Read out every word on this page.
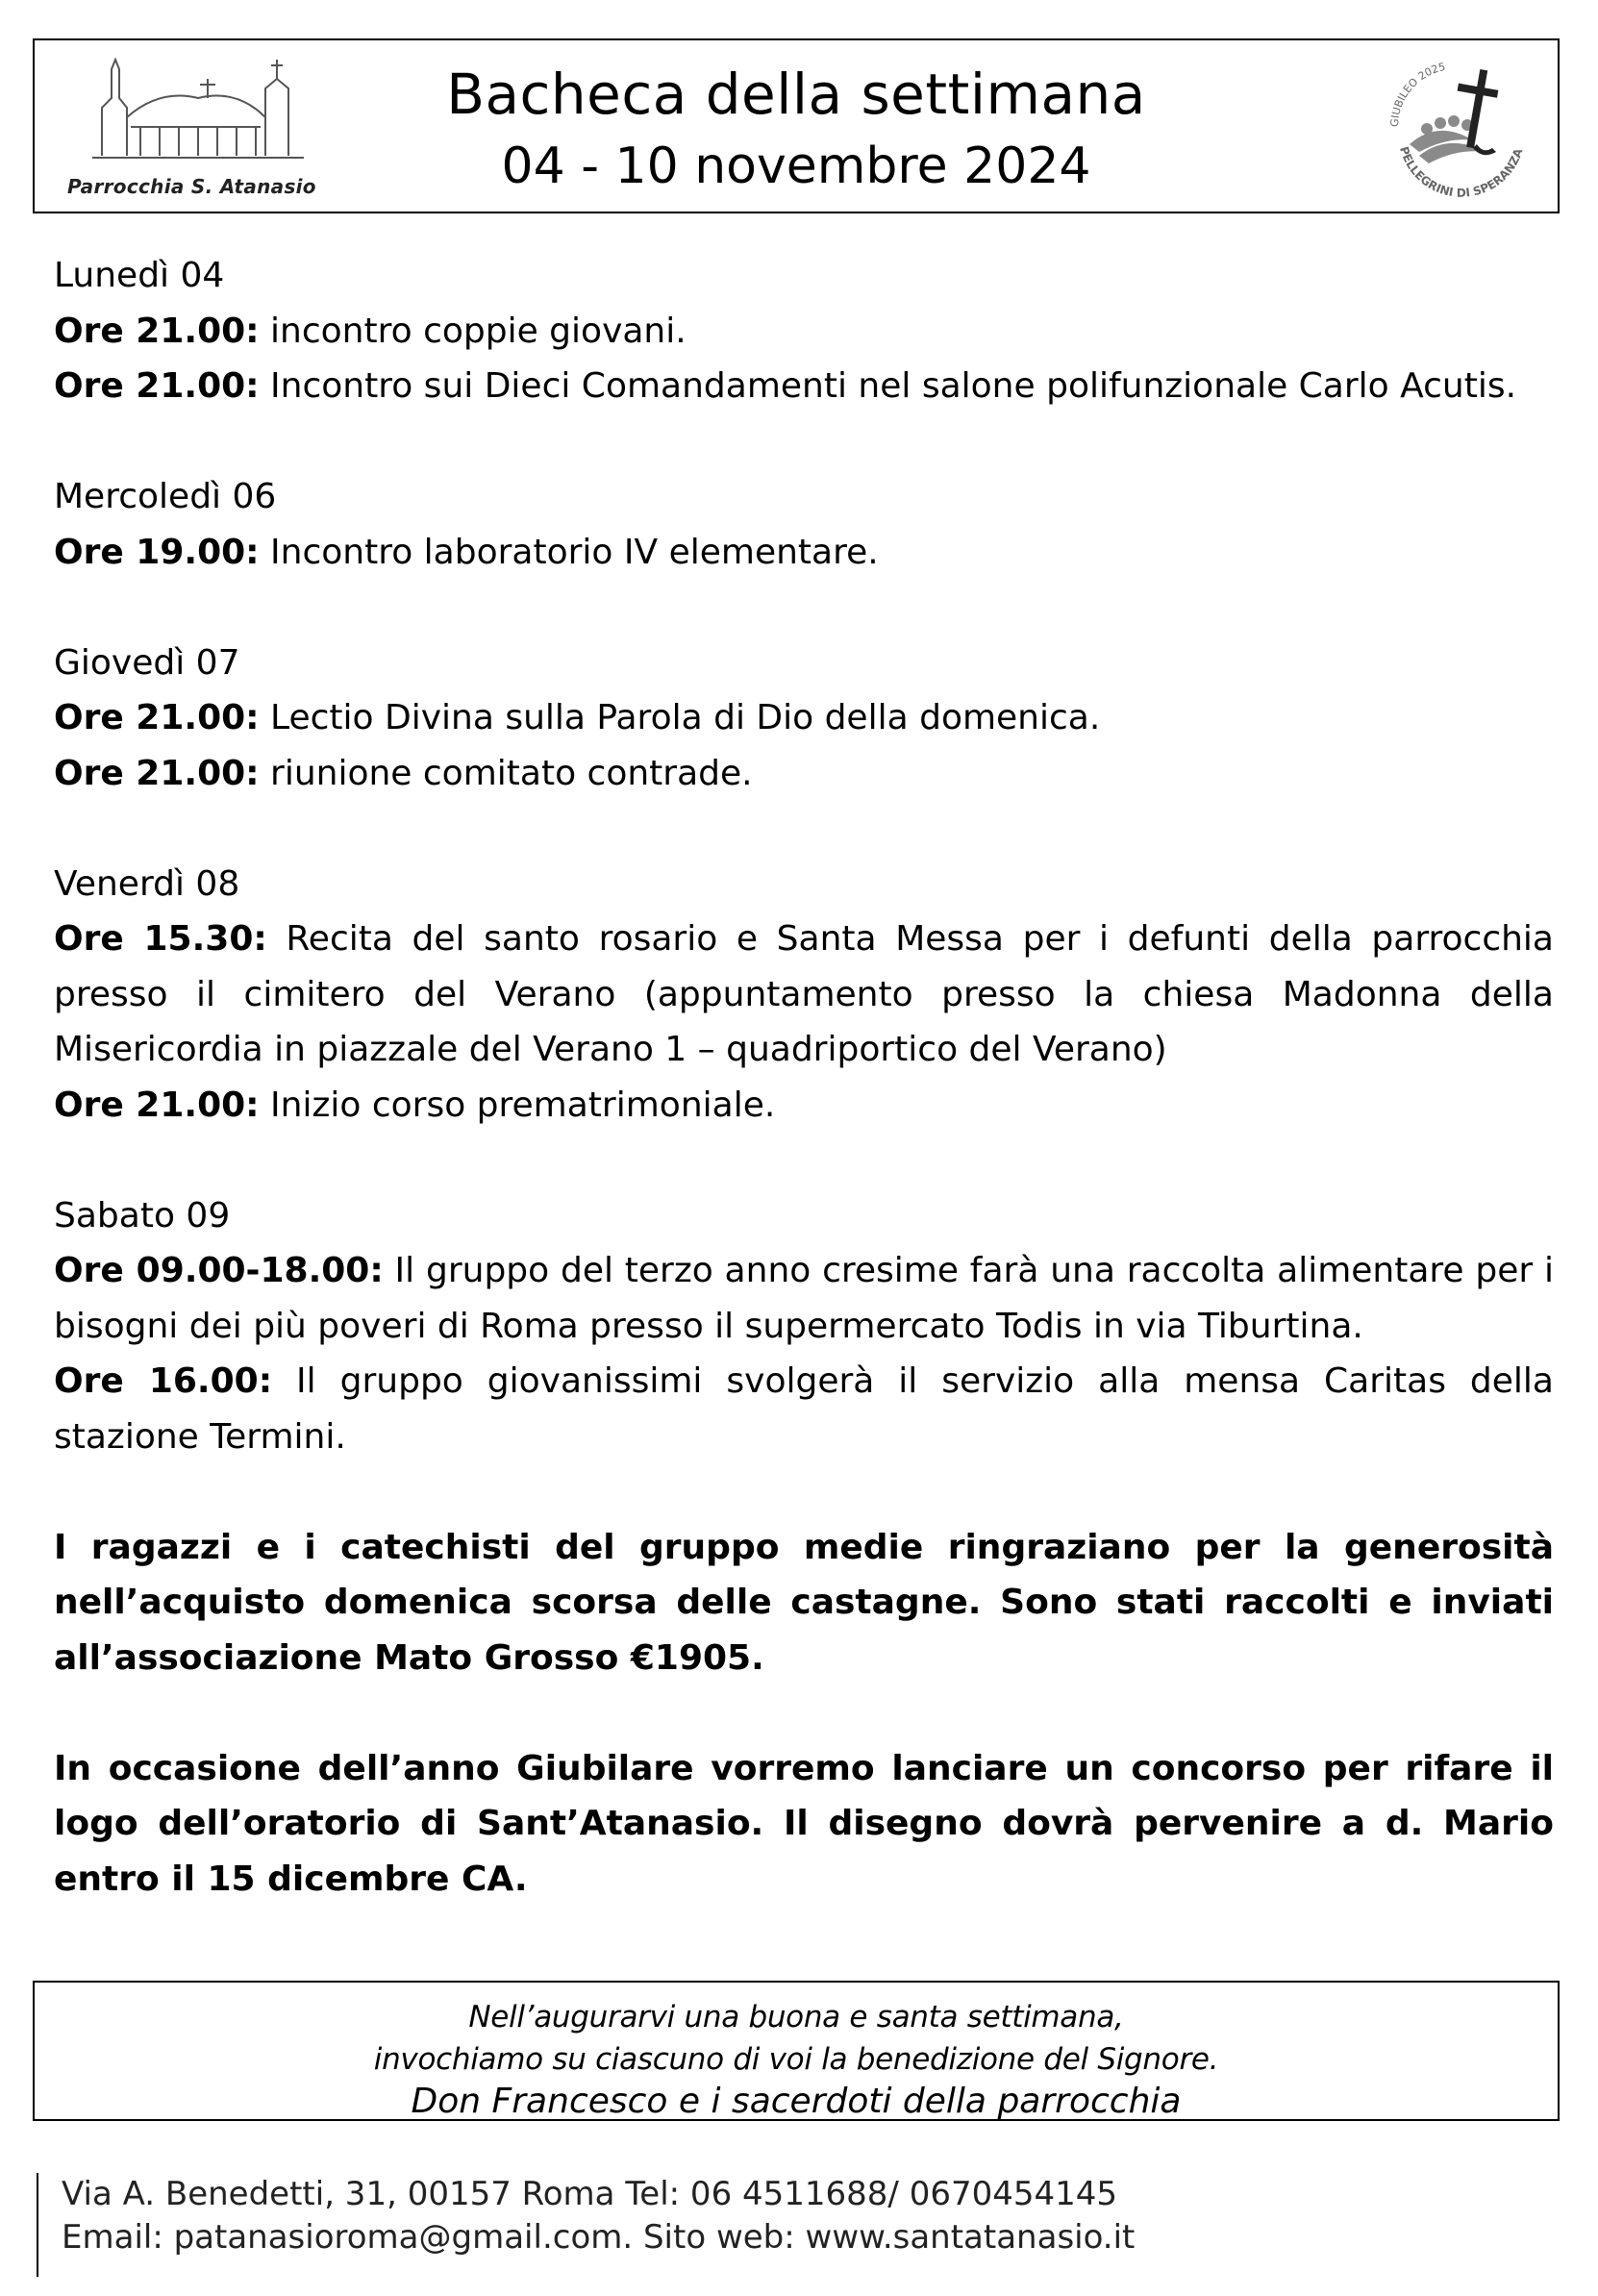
Parrocchia S. Atanasio
Bacheca della settimana
04 - 10 novembre 2024
GIUBILEO 2025
PELLEGRINI DI SPERANZA
Lunedì 04
Ore 21.00: incontro coppie giovani.
Ore 21.00: Incontro sui Dieci Comandamenti nel salone polifunzionale Carlo Acutis.
Mercoledì 06
Ore 19.00: Incontro laboratorio IV elementare.
Giovedì 07
Ore 21.00: Lectio Divina sulla Parola di Dio della domenica.
Ore 21.00: riunione comitato contrade.
Venerdì 08
Ore 15.30: Recita del santo rosario e Santa Messa per i defunti della parrocchia presso il cimitero del Verano (appuntamento presso la chiesa Madonna della Misericordia in piazzale del Verano 1 – quadriportico del Verano)
Ore 21.00: Inizio corso prematrimoniale.
Sabato 09
Ore 09.00-18.00: Il gruppo del terzo anno cresime farà una raccolta alimentare per i bisogni dei più poveri di Roma presso il supermercato Todis in via Tiburtina.
Ore 16.00: Il gruppo giovanissimi svolgerà il servizio alla mensa Caritas della stazione Termini.
I ragazzi e i catechisti del gruppo medie ringraziano per la generosità nell’acquisto domenica scorsa delle castagne. Sono stati raccolti e inviati all’associazione Mato Grosso €1905.
In occasione dell’anno Giubilare vorremo lanciare un concorso per rifare il logo dell’oratorio di Sant’Atanasio. Il disegno dovrà pervenire a d. Mario entro il 15 dicembre CA.
Nell’augurarvi una buona e santa settimana,
invochiamo su ciascuno di voi la benedizione del Signore.
Don Francesco e i sacerdoti della parrocchia
Via A. Benedetti, 31, 00157 Roma Tel: 06 4511688/ 0670454145
Email: patanasioroma@gmail.com. Sito web: www.santatanasio.it
